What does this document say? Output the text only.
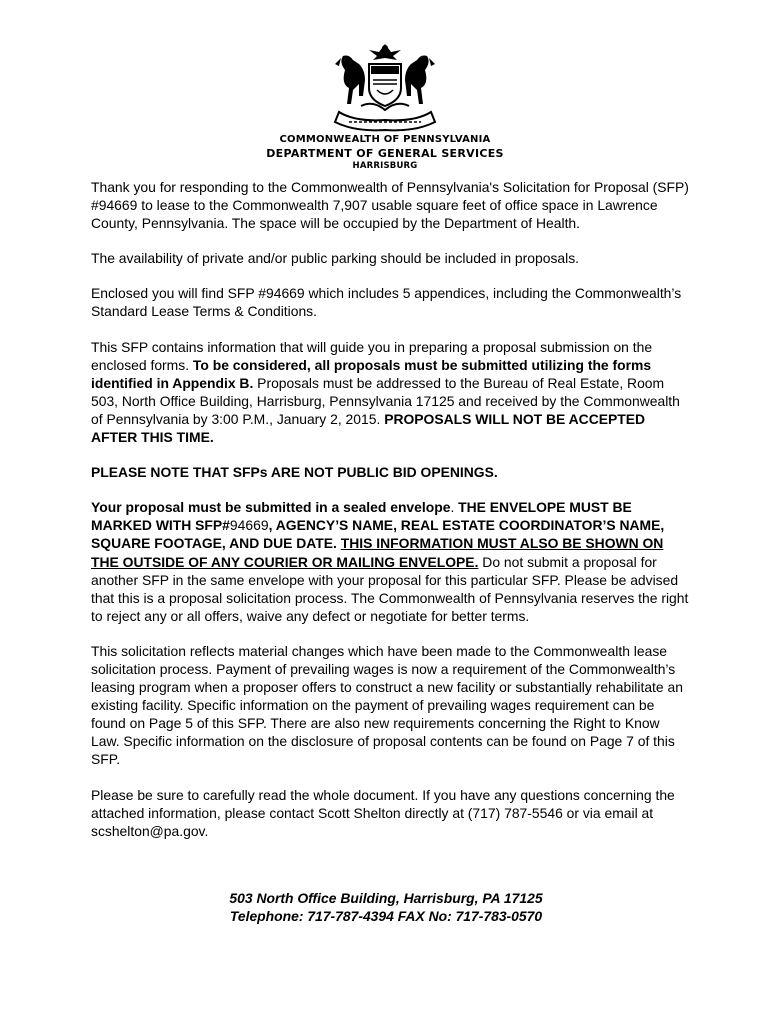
COMMONWEALTH OF PENNSYLVANIA
DEPARTMENT OF GENERAL SERVICES
HARRISBURG

Thank you for responding to the Commonwealth of Pennsylvania's Solicitation for Proposal (SFP) #94669 to lease to the Commonwealth 7,907 usable square feet of office space in Lawrence County, Pennsylvania. The space will be occupied by the Department of Health.

The availability of private and/or public parking should be included in proposals.

Enclosed you will find SFP #94669 which includes 5 appendices, including the Commonwealth’s Standard Lease Terms & Conditions.

This SFP contains information that will guide you in preparing a proposal submission on the enclosed forms. To be considered, all proposals must be submitted utilizing the forms identified in Appendix B. Proposals must be addressed to the Bureau of Real Estate, Room 503, North Office Building, Harrisburg, Pennsylvania 17125 and received by the Commonwealth of Pennsylvania by 3:00 P.M., January 2, 2015. PROPOSALS WILL NOT BE ACCEPTED AFTER THIS TIME.

PLEASE NOTE THAT SFPs ARE NOT PUBLIC BID OPENINGS.

Your proposal must be submitted in a sealed envelope. THE ENVELOPE MUST BE MARKED WITH SFP#94669, AGENCY’S NAME, REAL ESTATE COORDINATOR’S NAME, SQUARE FOOTAGE, AND DUE DATE. THIS INFORMATION MUST ALSO BE SHOWN ON THE OUTSIDE OF ANY COURIER OR MAILING ENVELOPE. Do not submit a proposal for another SFP in the same envelope with your proposal for this particular SFP. Please be advised that this is a proposal solicitation process. The Commonwealth of Pennsylvania reserves the right to reject any or all offers, waive any defect or negotiate for better terms.

This solicitation reflects material changes which have been made to the Commonwealth lease solicitation process. Payment of prevailing wages is now a requirement of the Commonwealth’s leasing program when a proposer offers to construct a new facility or substantially rehabilitate an existing facility. Specific information on the payment of prevailing wages requirement can be found on Page 5 of this SFP. There are also new requirements concerning the Right to Know Law. Specific information on the disclosure of proposal contents can be found on Page 7 of this SFP.

Please be sure to carefully read the whole document. If you have any questions concerning the attached information, please contact Scott Shelton directly at (717) 787-5546 or via email at scshelton@pa.gov.

503 North Office Building, Harrisburg, PA 17125
Telephone: 717-787-4394 FAX No: 717-783-0570
